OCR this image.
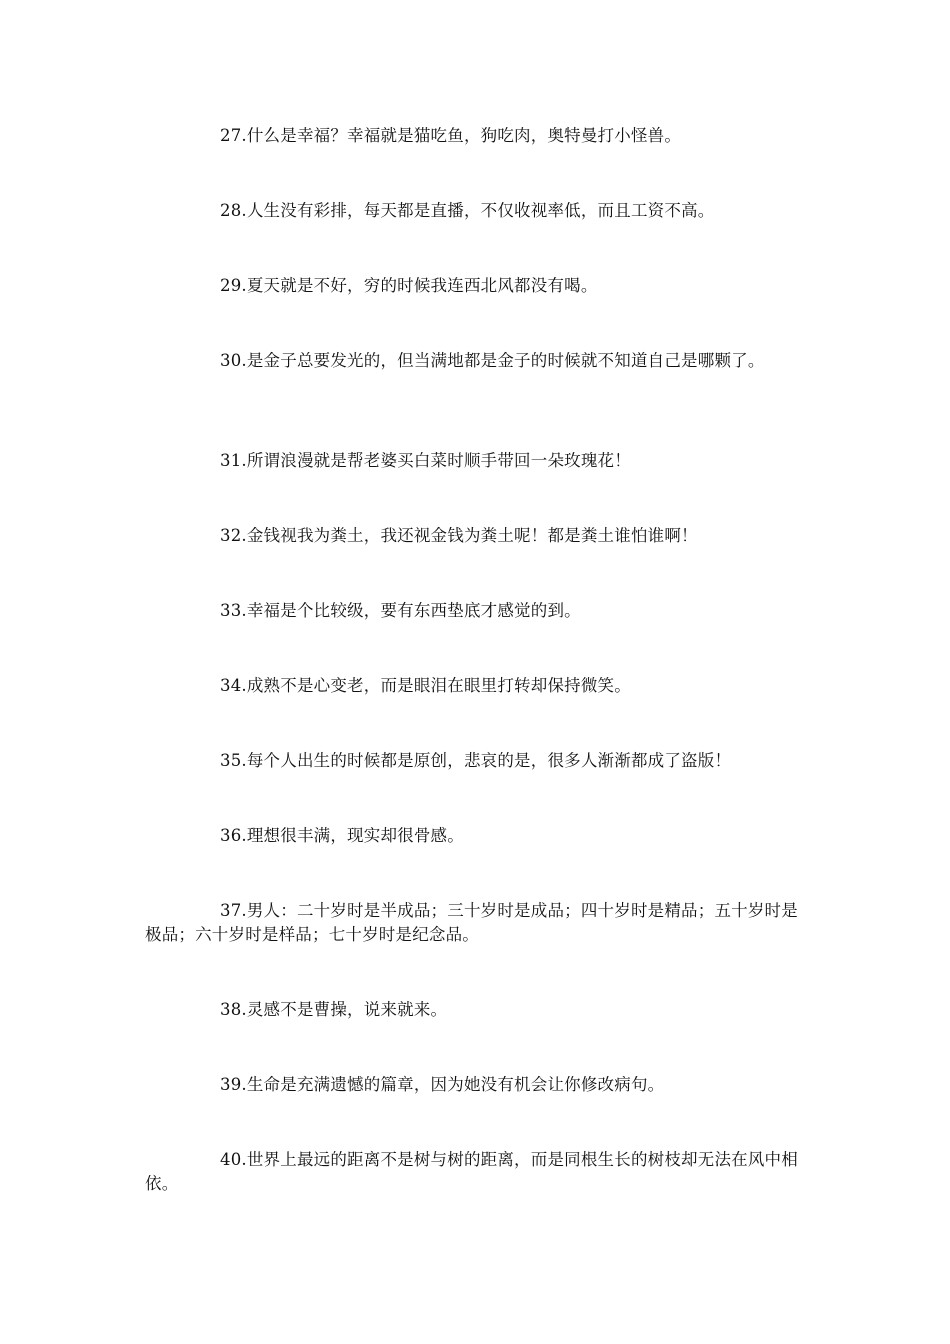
27.什么是幸福？幸福就是猫吃鱼，狗吃肉，奥特曼打小怪兽。

28.人生没有彩排，每天都是直播，不仅收视率低，而且工资不高。

29.夏天就是不好，穷的时候我连西北风都没有喝。

30.是金子总要发光的，但当满地都是金子的时候就不知道自己是哪颗了。

31.所谓浪漫就是帮老婆买白菜时顺手带回一朵玫瑰花！

32.金钱视我为粪土，我还视金钱为粪土呢！都是粪土谁怕谁啊！

33.幸福是个比较级，要有东西垫底才感觉的到。

34.成熟不是心变老，而是眼泪在眼里打转却保持微笑。

35.每个人出生的时候都是原创，悲哀的是，很多人渐渐都成了盗版！

36.理想很丰满，现实却很骨感。

37.男人：二十岁时是半成品；三十岁时是成品；四十岁时是精品；五十岁时是极品；六十岁时是样品；七十岁时是纪念品。

38.灵感不是曹操，说来就来。

39.生命是充满遗憾的篇章，因为她没有机会让你修改病句。

40.世界上最远的距离不是树与树的距离，而是同根生长的树枝却无法在风中相依。
